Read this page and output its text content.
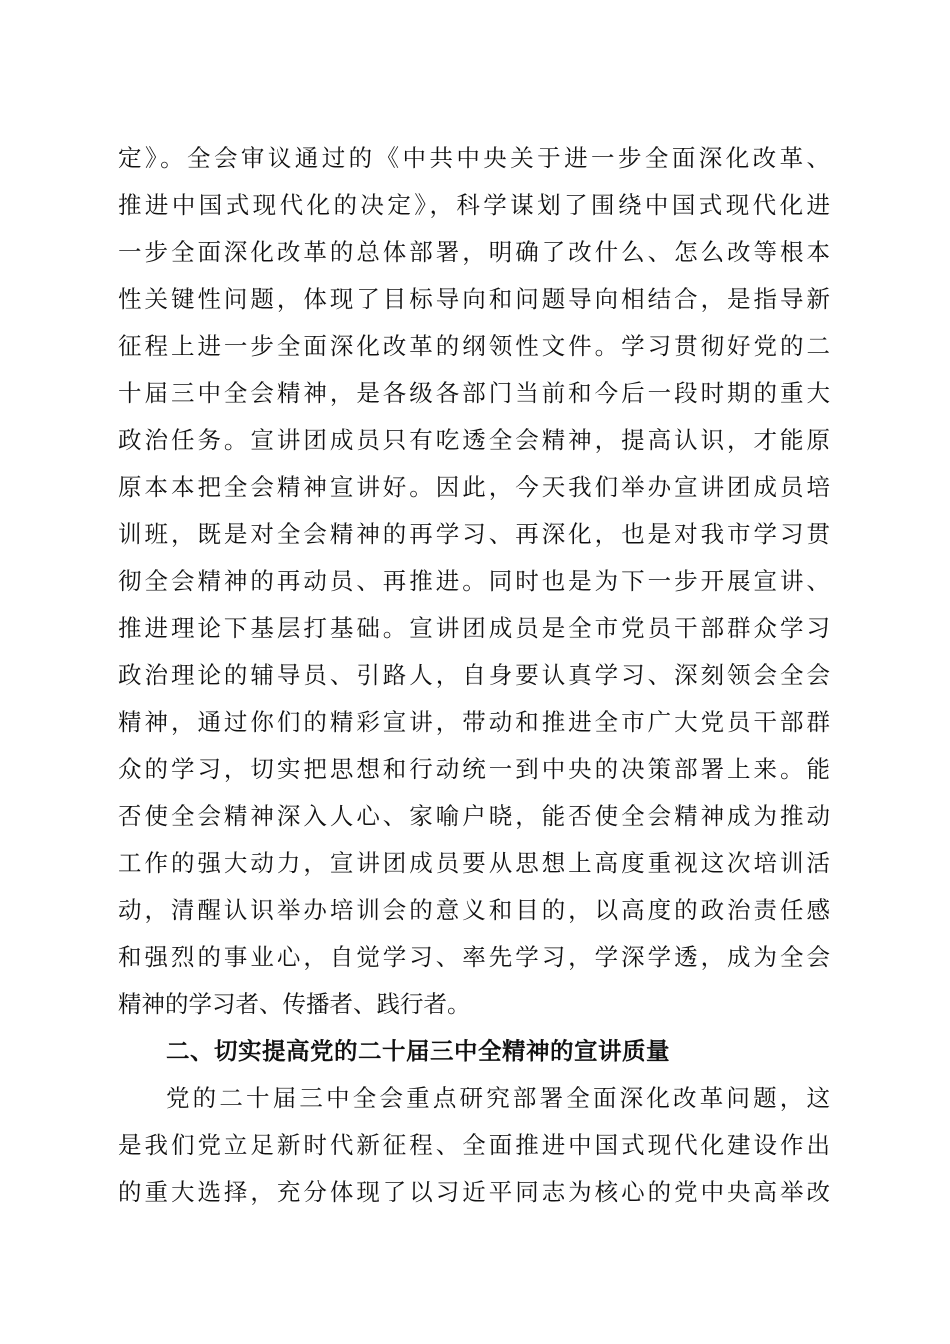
定》。全会审议通过的《中共中央关于进一步全面深化改革、
推进中国式现代化的决定》，科学谋划了围绕中国式现代化进
一步全面深化改革的总体部署，明确了改什么、怎么改等根本
性关键性问题，体现了目标导向和问题导向相结合，是指导新
征程上进一步全面深化改革的纲领性文件。学习贯彻好党的二
十届三中全会精神，是各级各部门当前和今后一段时期的重大
政治任务。宣讲团成员只有吃透全会精神，提高认识，才能原
原本本把全会精神宣讲好。因此，今天我们举办宣讲团成员培
训班，既是对全会精神的再学习、再深化，也是对我市学习贯
彻全会精神的再动员、再推进。同时也是为下一步开展宣讲、
推进理论下基层打基础。宣讲团成员是全市党员干部群众学习
政治理论的辅导员、引路人，自身要认真学习、深刻领会全会
精神，通过你们的精彩宣讲，带动和推进全市广大党员干部群
众的学习，切实把思想和行动统一到中央的决策部署上来。能
否使全会精神深入人心、家喻户晓，能否使全会精神成为推动
工作的强大动力，宣讲团成员要从思想上高度重视这次培训活
动，清醒认识举办培训会的意义和目的，以高度的政治责任感
和强烈的事业心，自觉学习、率先学习，学深学透，成为全会
精神的学习者、传播者、践行者。
二、切实提高党的二十届三中全精神的宣讲质量
党的二十届三中全会重点研究部署全面深化改革问题，这
是我们党立足新时代新征程、全面推进中国式现代化建设作出
的重大选择，充分体现了以习近平同志为核心的党中央高举改
